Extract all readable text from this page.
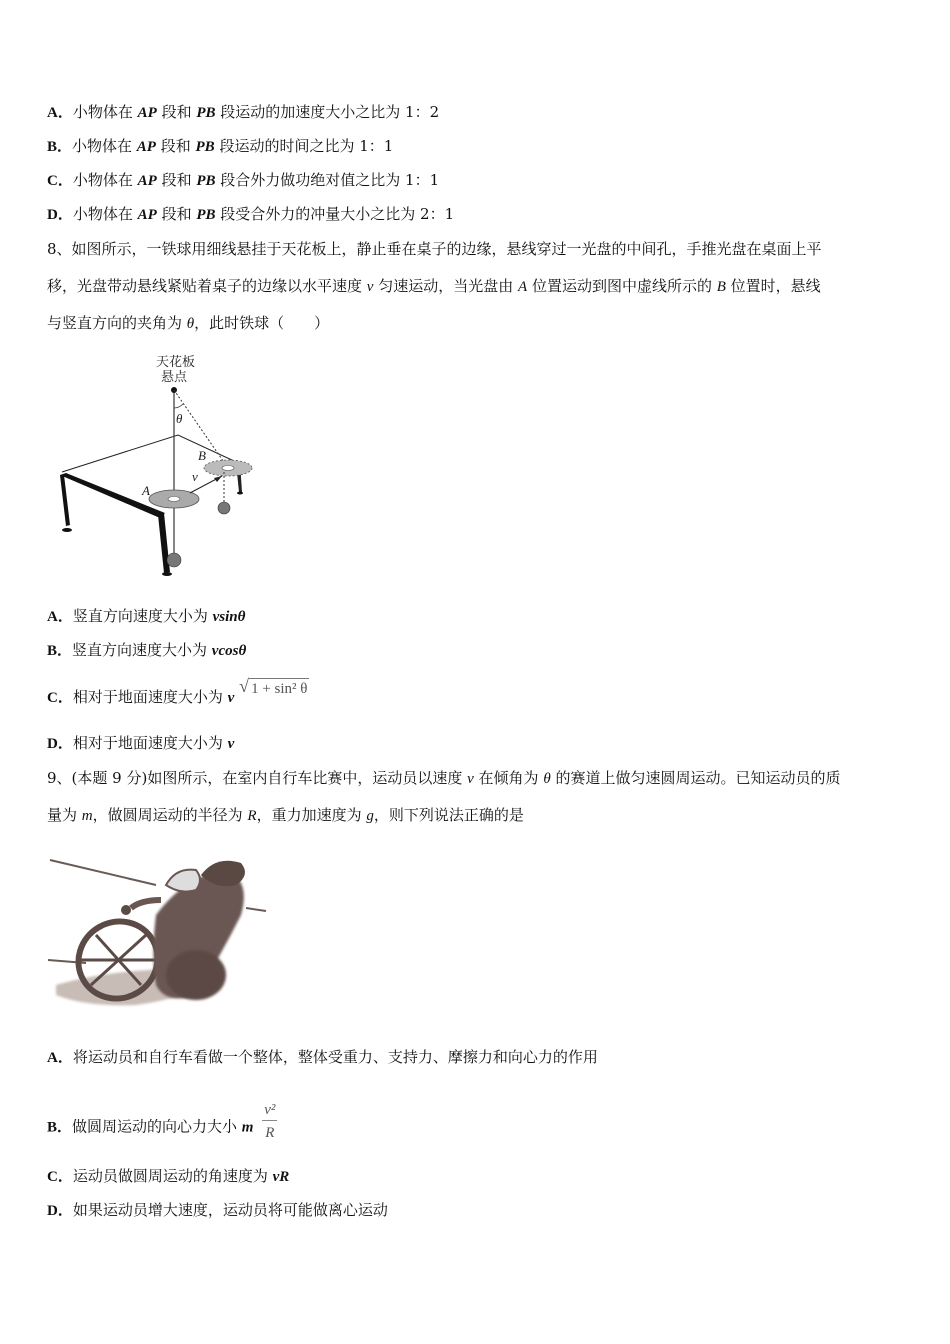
A．小物体在 AP 段和 PB 段运动的加速度大小之比为 1：2
B．小物体在 AP 段和 PB 段运动的时间之比为 1：1
C．小物体在 AP 段和 PB 段合外力做功绝对值之比为 1：1
D．小物体在 AP 段和 PB 段受合外力的冲量大小之比为 2：1
8、如图所示，一铁球用细线悬挂于天花板上，静止垂在桌子的边缘，悬线穿过一光盘的中间孔，手推光盘在桌面上平
移，光盘带动悬线紧贴着桌子的边缘以水平速度 v 匀速运动，当光盘由 A 位置运动到图中虚线所示的 B 位置时，悬线
与竖直方向的夹角为 θ，此时铁球（　　）
θ
天花板
悬点
A
B
v
A．竖直方向速度大小为 vsinθ
B．竖直方向速度大小为 vcosθ
C．相对于地面速度大小为 v
√ 1 + sin² θ
D．相对于地面速度大小为 v
9、(本题 9 分)如图所示，在室内自行车比赛中，运动员以速度 v 在倾角为 θ 的赛道上做匀速圆周运动。已知运动员的质
量为 m，做圆周运动的半径为 R，重力加速度为 g，则下列说法正确的是
A．将运动员和自行车看做一个整体，整体受重力、支持力、摩擦力和向心力的作用
B．做圆周运动的向心力大小 m $\frac{\text{v²}}{R}$
C．运动员做圆周运动的角速度为 vR
D．如果运动员增大速度，运动员将可能做离心运动
